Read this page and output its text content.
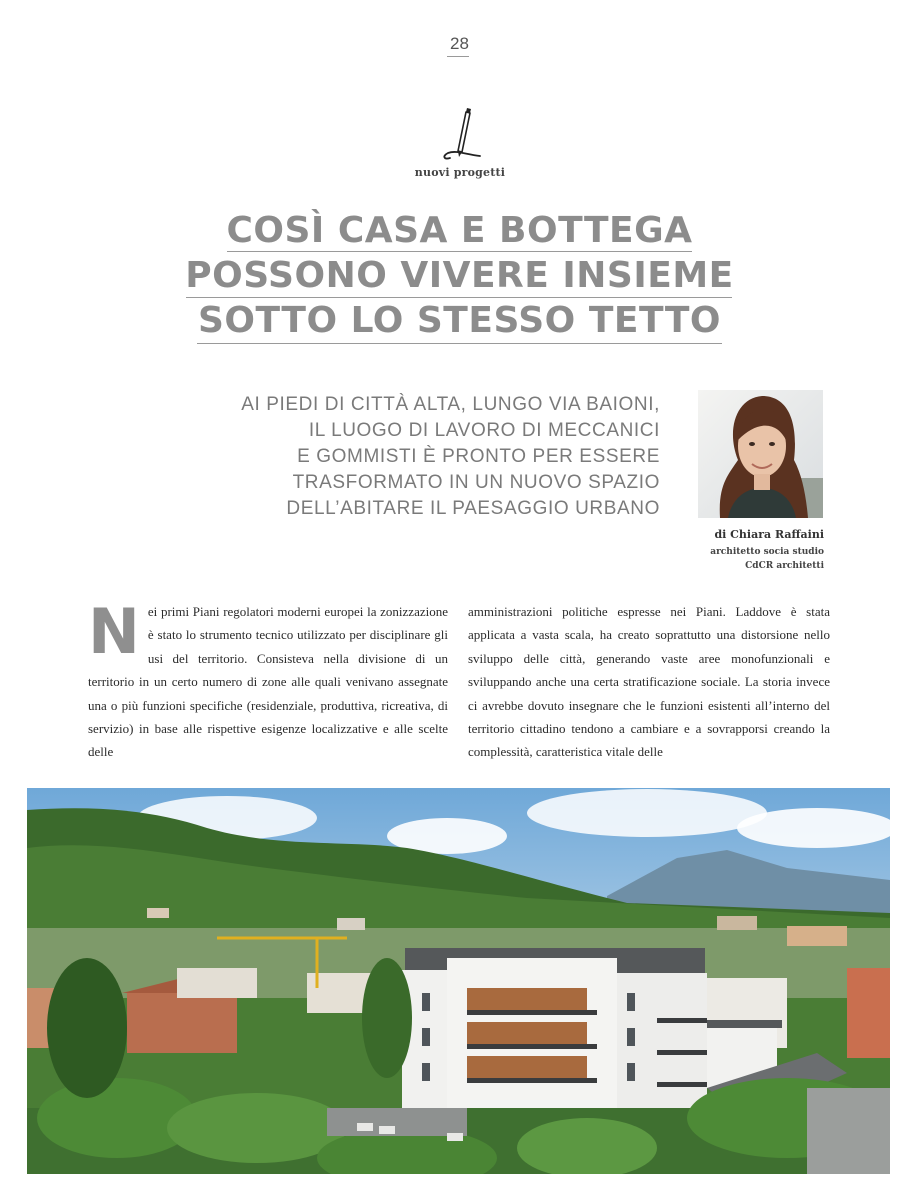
28
nuovi progetti
COSÌ CASA E BOTTEGA
POSSONO VIVERE INSIEME
SOTTO LO STESSO TETTO
AI PIEDI DI CITTÀ ALTA, LUNGO VIA BAIONI,
IL LUOGO DI LAVORO DI MECCANICI
E GOMMISTI È PRONTO PER ESSERE
TRASFORMATO IN UN NUOVO SPAZIO
DELL’ABITARE IL PAESAGGIO URBANO
di Chiara Raffaini
architetto socia studio
CdCR architetti
N ei primi Piani regolatori moderni europei la zonizzazione è stato lo strumento tecnico utilizzato per disciplinare gli usi del territorio. Consisteva nella divisione di un territorio in un certo numero di zone alle quali venivano assegnate una o più funzioni specifiche (residenziale, produttiva, ricreativa, di servizio) in base alle rispettive esigenze localizzative e alle scelte delle
amministrazioni politiche espresse nei Piani. Laddove è stata applicata a vasta scala, ha creato soprattutto una distorsione nello sviluppo delle città, generando vaste aree monofunzionali e sviluppando anche una certa stratificazione sociale. La storia invece ci avrebbe dovuto insegnare che le funzioni esistenti all’interno del territorio cittadino tendono a cambiare e a sovrapporsi creando la complessità, caratteristica vitale delle
